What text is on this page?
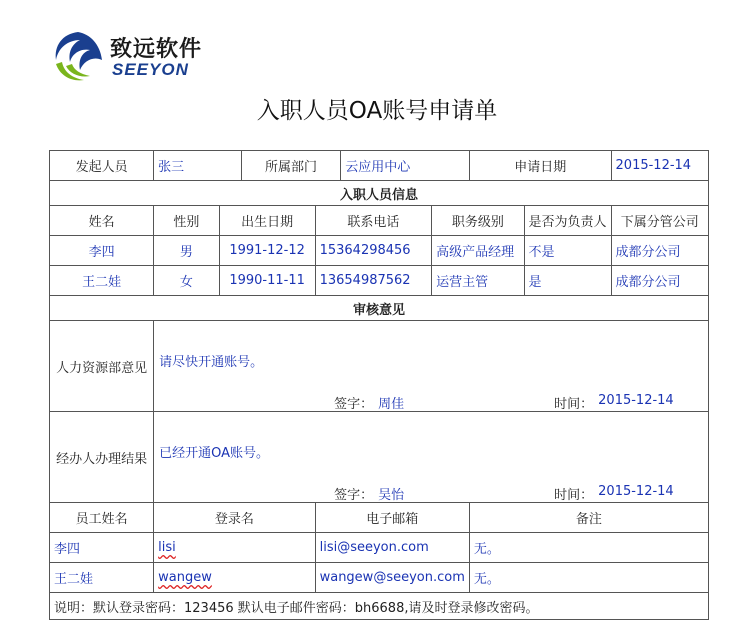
致远软件
SEEYON
入职人员OA账号申请单
发起人员	张三		所属部门		云应用中心		申请日期		2015-12-14
入职人员信息									
姓名	性别	出生日期		联系电话		职务级别		是否为负责人	下属分管公司
李四	男	1991-12-12		15364298456		高级产品经理		不是	成都分公司
王二娃	女	1990-11-11		13654987562		运营主管		是	成都分公司
审核意见									
人力资源部意见	请尽快开通账号。
签字： 周佳 时间： 2015-12-14								

经办人办理结果	已经开通OA账号。
签字： 吴怡 时间： 2015-12-14								

员工姓名	登录名			电子邮箱			备注		
李四	lisi			lisi@seeyon.com			无。		
王二娃	wangew			wangew@seeyon.com			无。		
说明：默认登录密码：123456 默认电子邮件密码：bh6688,请及时登录修改密码。									
